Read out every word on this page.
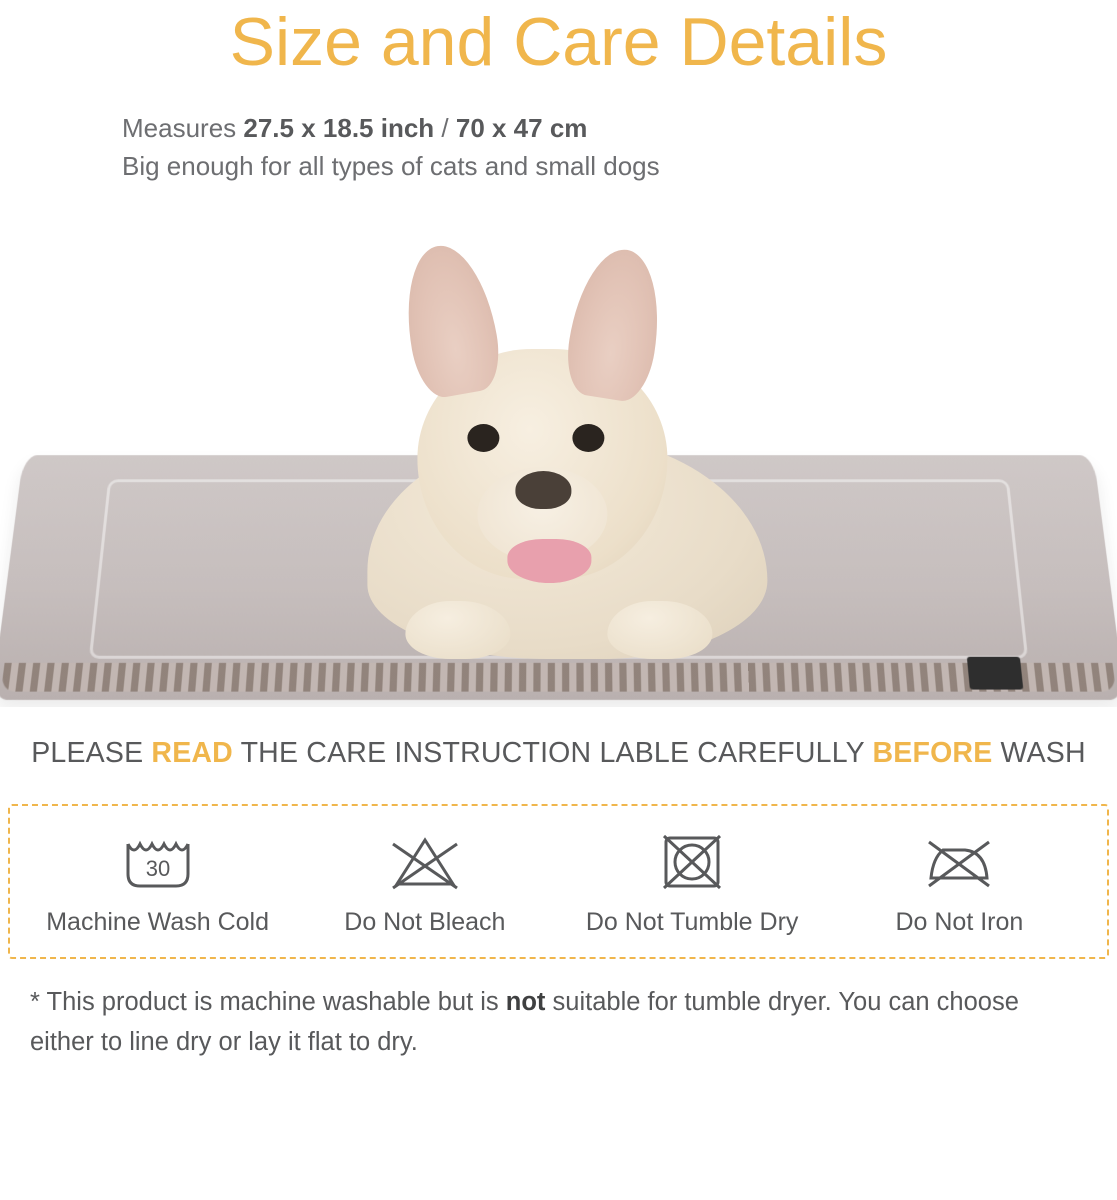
Size and Care Details
Measures 27.5 x 18.5 inch / 70 x 47 cm
Big enough for all types of cats and small dogs
PLEASE READ THE CARE INSTRUCTION LABLE CAREFULLY BEFORE WASH
30
Machine Wash Cold	Do Not Bleach	Do Not Tumble Dry	Do Not Iron
* This product is machine washable but is not suitable for tumble dryer. You can choose either to line dry or lay it flat to dry.
